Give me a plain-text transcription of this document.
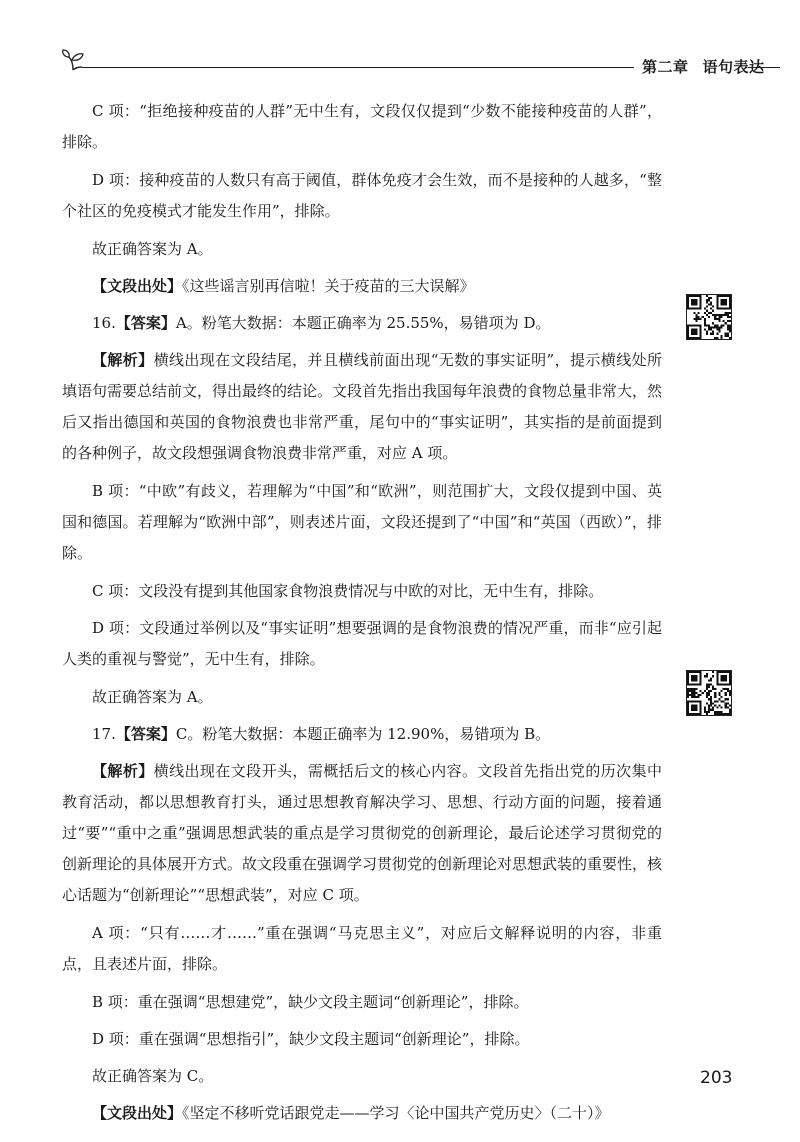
第二章 语句表达

C 项：“拒绝接种疫苗的人群”无中生有，文段仅仅提到“少数不能接种疫苗的人群”，排除。

D 项：接种疫苗的人数只有高于阈值，群体免疫才会生效，而不是接种的人越多，“整个社区的免疫模式才能发生作用”，排除。

故正确答案为 A。

【文段出处】《这些谣言别再信啦！关于疫苗的三大误解》

16.【答案】A。粉笔大数据：本题正确率为 25.55%，易错项为 D。

【解析】横线出现在文段结尾，并且横线前面出现“无数的事实证明”，提示横线处所填语句需要总结前文，得出最终的结论。文段首先指出我国每年浪费的食物总量非常大，然后又指出德国和英国的食物浪费也非常严重，尾句中的“事实证明”，其实指的是前面提到的各种例子，故文段想强调食物浪费非常严重，对应 A 项。

B 项：“中欧”有歧义，若理解为“中国”和“欧洲”，则范围扩大，文段仅提到中国、英国和德国。若理解为“欧洲中部”，则表述片面，文段还提到了“中国”和“英国（西欧）”，排除。

C 项：文段没有提到其他国家食物浪费情况与中欧的对比，无中生有，排除。

D 项：文段通过举例以及“事实证明”想要强调的是食物浪费的情况严重，而非“应引起人类的重视与警觉”，无中生有，排除。

故正确答案为 A。

17.【答案】C。粉笔大数据：本题正确率为 12.90%，易错项为 B。

【解析】横线出现在文段开头，需概括后文的核心内容。文段首先指出党的历次集中教育活动，都以思想教育打头，通过思想教育解决学习、思想、行动方面的问题，接着通过“要”“重中之重”强调思想武装的重点是学习贯彻党的创新理论，最后论述学习贯彻党的创新理论的具体展开方式。故文段重在强调学习贯彻党的创新理论对思想武装的重要性，核心话题为“创新理论”“思想武装”，对应 C 项。

A 项：“只有……才……”重在强调“马克思主义”，对应后文解释说明的内容，非重点，且表述片面，排除。

B 项：重在强调“思想建党”，缺少文段主题词“创新理论”，排除。

D 项：重在强调“思想指引”，缺少文段主题词“创新理论”，排除。

故正确答案为 C。

【文段出处】《坚定不移听党话跟党走——学习〈论中国共产党历史〉（二十）》

203
